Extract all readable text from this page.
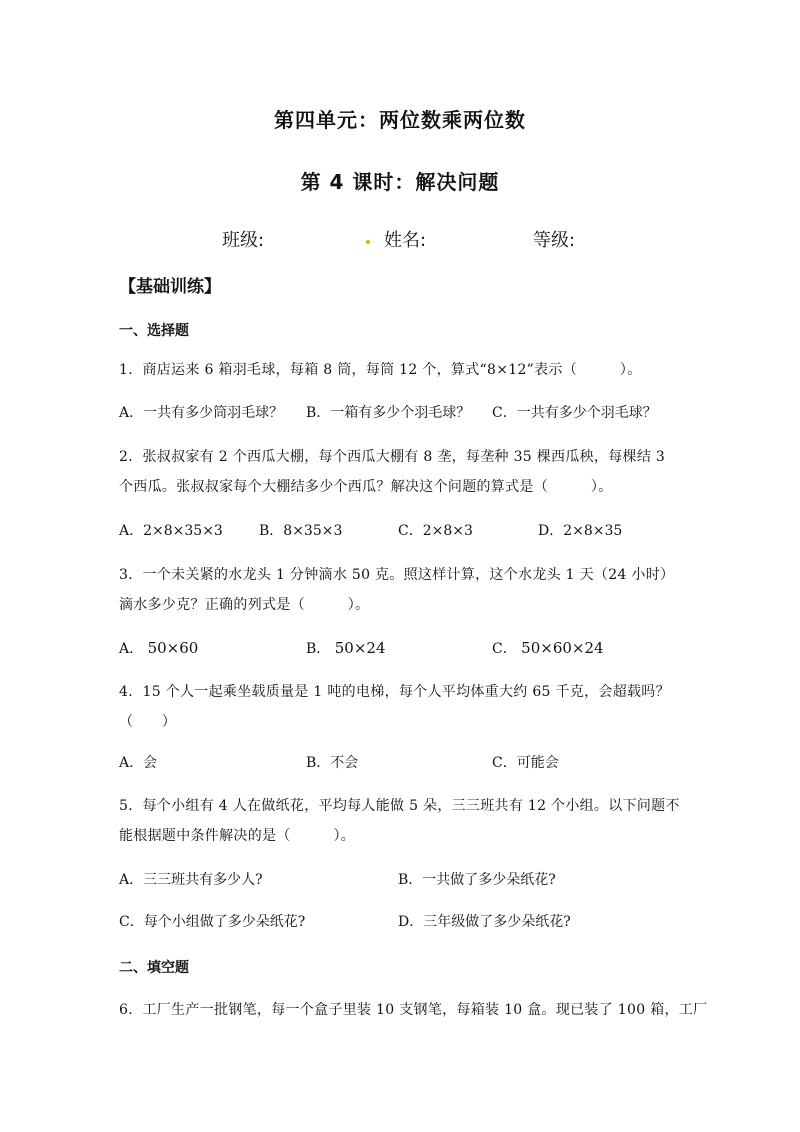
第四单元：两位数乘两位数
第 4 课时：解决问题
班级:	姓名:	等级:
【基础训练】
一、选择题
1．商店运来 6 箱羽毛球，每箱 8 筒，每筒 12 个，算式“8×12”表示（　　　）。
A．一共有多少筒羽毛球？ B．一箱有多少个羽毛球？ C．一共有多少个羽毛球？
2．张叔叔家有 2 个西瓜大棚，每个西瓜大棚有 8 垄，每垄种 35 棵西瓜秧，每棵结 3 个西瓜。张叔叔家每个大棚结多少个西瓜？解决这个问题的算式是（　　　）。
A．2×8×35×3	B．8×35×3	C．2×8×3	D．2×8×35
3．一个未关紧的水龙头 1 分钟滴水 50 克。照这样计算，这个水龙头 1 天（24 小时）滴水多少克？正确的列式是（　　　）。
A． 50×60	B． 50×24	C． 50×60×24
4．15 个人一起乘坐载质量是 1 吨的电梯，每个人平均体重大约 65 千克，会超载吗？（　　）
A．会	B．不会	C．可能会
5．每个小组有 4 人在做纸花，平均每人能做 5 朵，三三班共有 12 个小组。以下问题不能根据题中条件解决的是（　　　）。
A．三三班共有多少人?	B．一共做了多少朵纸花?
C．每个小组做了多少朵纸花?	D．三年级做了多少朵纸花?
二、填空题
6．工厂生产一批钢笔，每一个盒子里装 10 支钢笔，每箱装 10 盒。现已装了 100 箱，工厂
